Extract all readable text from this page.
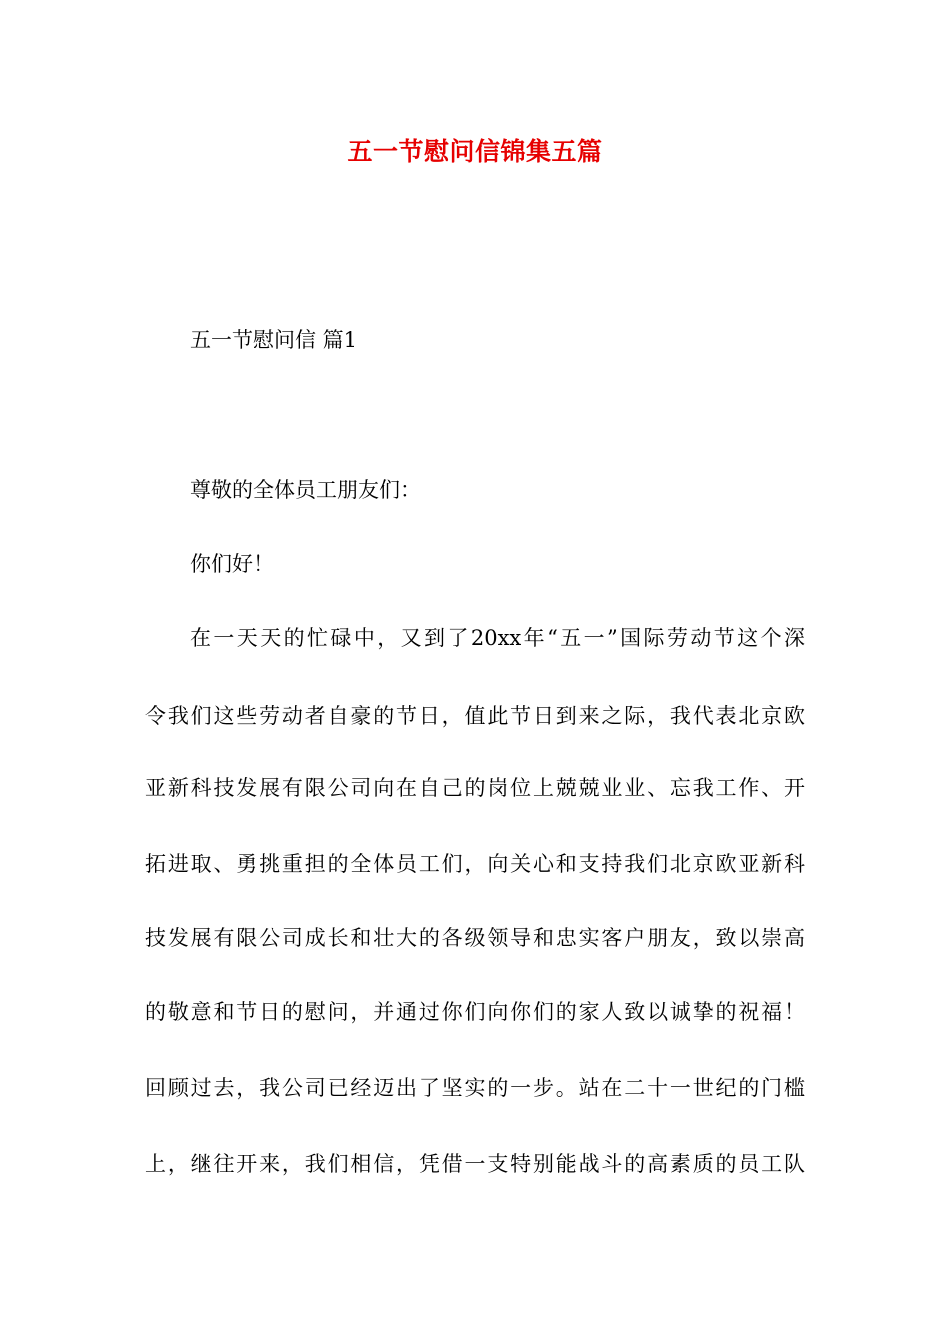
五一节慰问信锦集五篇
五一节慰问信 篇1
尊敬的全体员工朋友们：
你们好！
在一天天的忙碌中，又到了20xx年“五一”国际劳动节这个深
令我们这些劳动者自豪的节日，值此节日到来之际，我代表北京欧
亚新科技发展有限公司向在自己的岗位上兢兢业业、忘我工作、开
拓进取、勇挑重担的全体员工们，向关心和支持我们北京欧亚新科
技发展有限公司成长和壮大的各级领导和忠实客户朋友，致以崇高
的敬意和节日的慰问，并通过你们向你们的家人致以诚挚的祝福！
回顾过去，我公司已经迈出了坚实的一步。站在二十一世纪的门槛
上，继往开来，我们相信，凭借一支特别能战斗的高素质的员工队
